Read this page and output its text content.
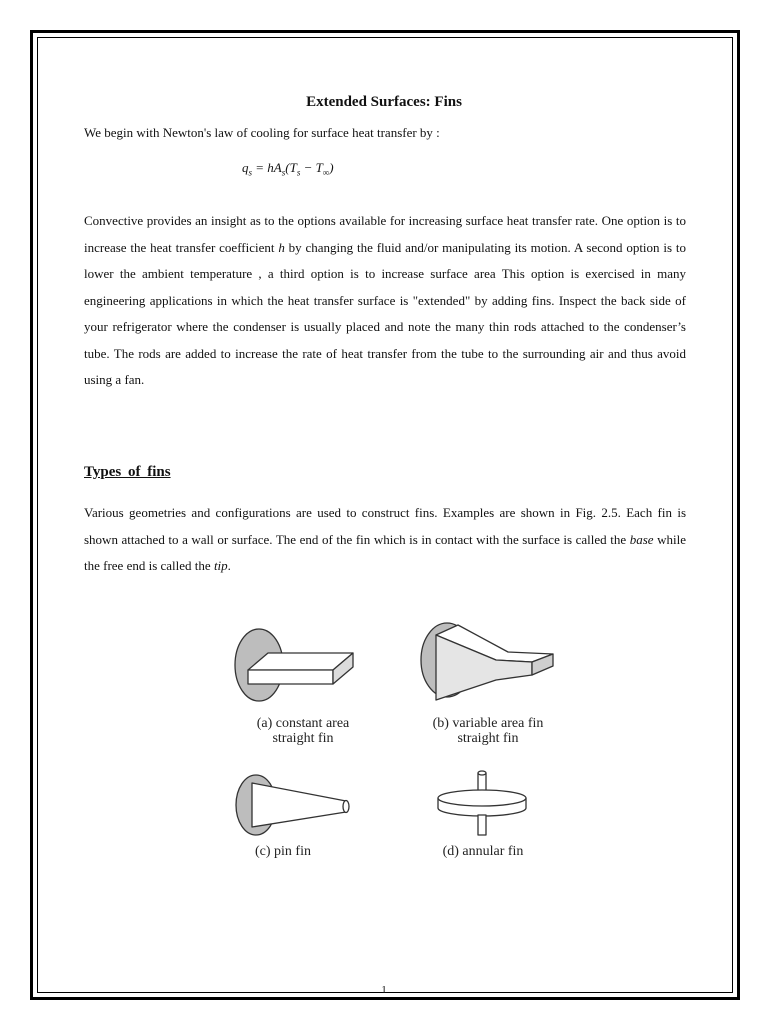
Extended Surfaces: Fins
We begin with Newton's law of cooling for surface heat transfer by :
$q_s = hA_s(T_s - T_\infty)$

Convective provides an insight as to the options available for increasing surface heat transfer rate. One option is to increase the heat transfer coefficient h by changing the fluid and/or manipulating its motion. A second option is to lower the ambient temperature , a third option is to increase surface area This option is exercised in many engineering applications in which the heat transfer surface is "extended" by adding fins. Inspect the back side of your refrigerator where the condenser is usually placed and note the many thin rods attached to the condenser’s tube. The rods are added to increase the rate of heat transfer from the tube to the surrounding air and thus avoid using a fan.

Types of fins

Various geometries and configurations are used to construct fins. Examples are shown in Fig. 2.5. Each fin is shown attached to a wall or surface. The end of the fin which is in contact with the surface is called the base while the free end is called the tip.

(a) constant area
straight fin
(b) variable area fin
straight fin
(c) pin fin	(d) annular fin
1
